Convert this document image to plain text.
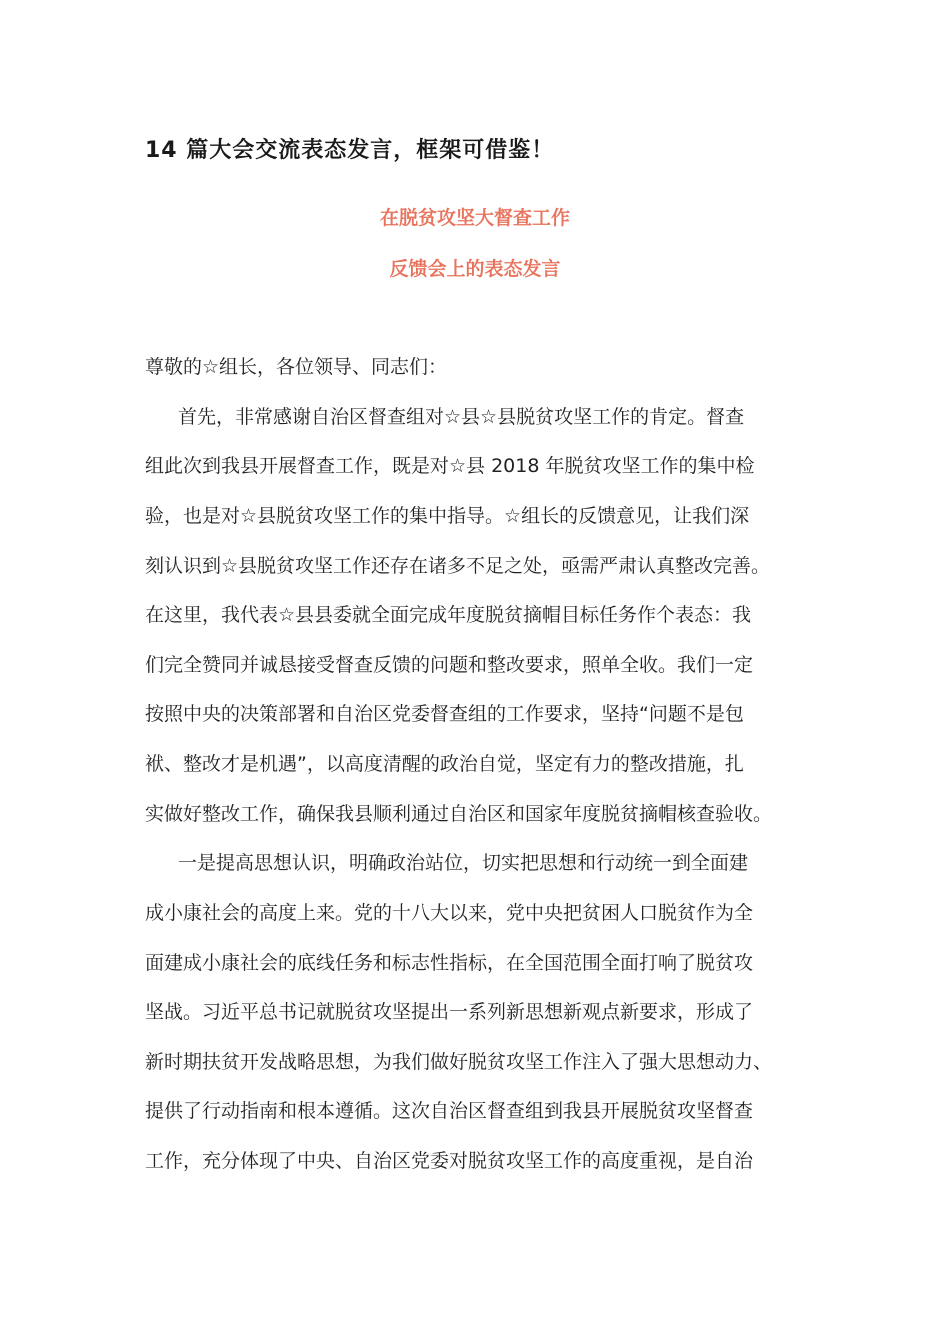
14 篇大会交流表态发言，框架可借鉴！
在脱贫攻坚大督查工作
反馈会上的表态发言
尊敬的☆组长，各位领导、同志们：
首先，非常感谢自治区督查组对☆县☆县脱贫攻坚工作的肯定。督查
组此次到我县开展督查工作，既是对☆县 2018 年脱贫攻坚工作的集中检
验，也是对☆县脱贫攻坚工作的集中指导。☆组长的反馈意见，让我们深
刻认识到☆县脱贫攻坚工作还存在诸多不足之处，亟需严肃认真整改完善。
在这里，我代表☆县县委就全面完成年度脱贫摘帽目标任务作个表态：我
们完全赞同并诚恳接受督查反馈的问题和整改要求，照单全收。我们一定
按照中央的决策部署和自治区党委督查组的工作要求，坚持“问题不是包
袱、整改才是机遇”，以高度清醒的政治自觉，坚定有力的整改措施，扎
实做好整改工作，确保我县顺利通过自治区和国家年度脱贫摘帽核查验收。
一是提高思想认识，明确政治站位，切实把思想和行动统一到全面建
成小康社会的高度上来。党的十八大以来，党中央把贫困人口脱贫作为全
面建成小康社会的底线任务和标志性指标，在全国范围全面打响了脱贫攻
坚战。习近平总书记就脱贫攻坚提出一系列新思想新观点新要求，形成了
新时期扶贫开发战略思想，为我们做好脱贫攻坚工作注入了强大思想动力、
提供了行动指南和根本遵循。这次自治区督查组到我县开展脱贫攻坚督查
工作，充分体现了中央、自治区党委对脱贫攻坚工作的高度重视，是自治
